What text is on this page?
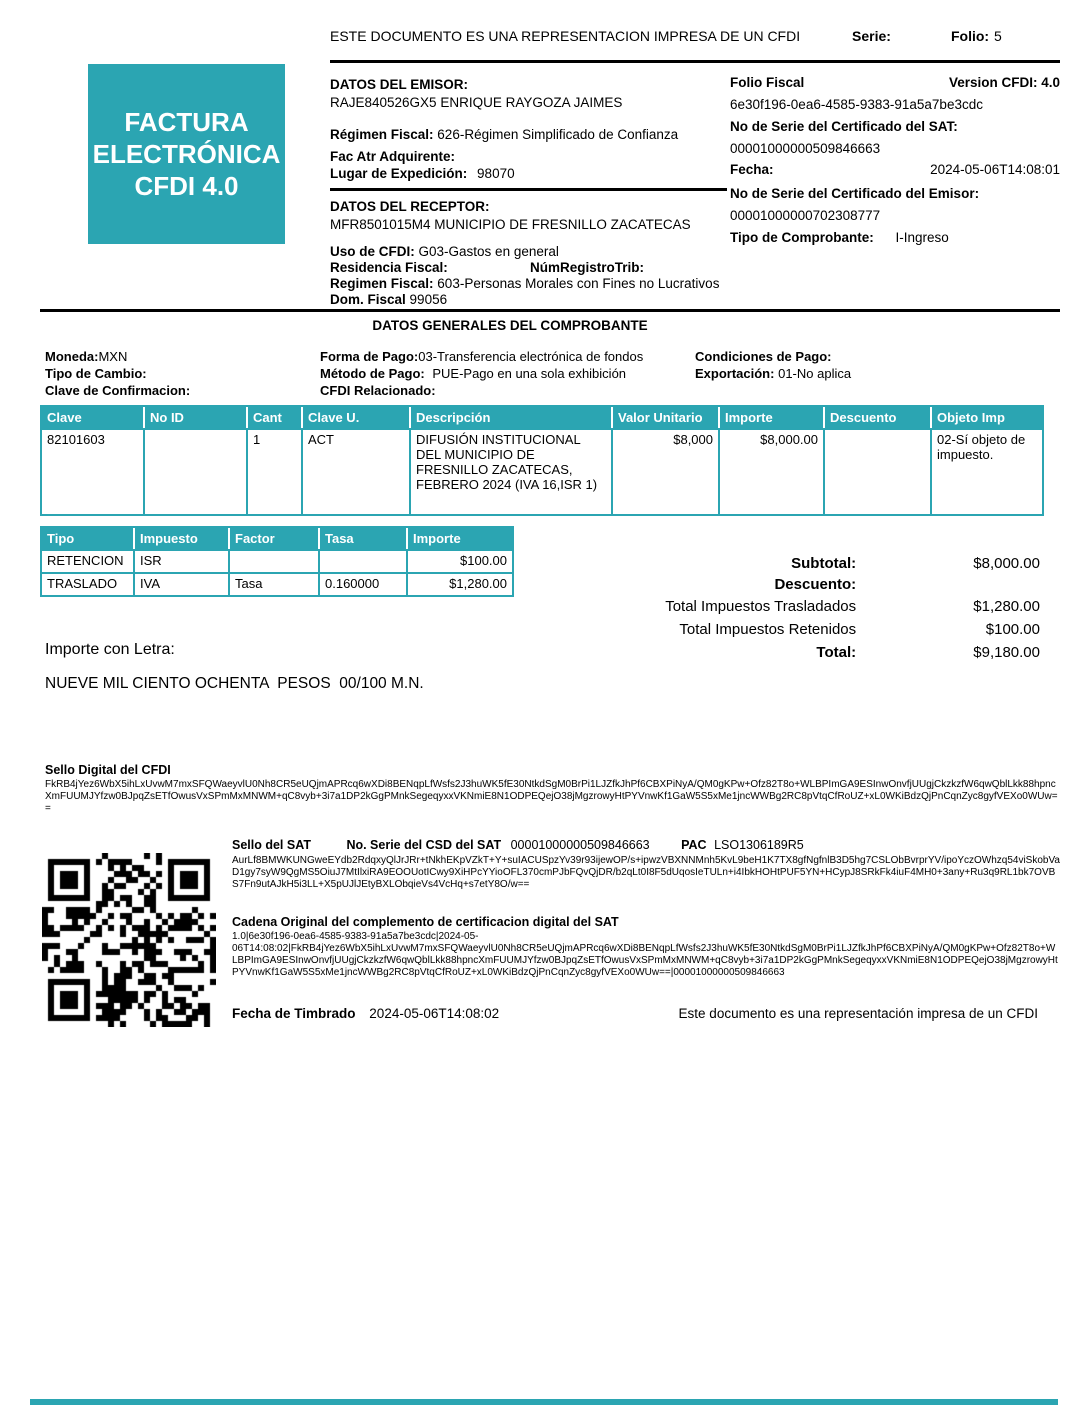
ESTE DOCUMENTO ES UNA REPRESENTACION IMPRESA DE UN CFDI	Serie:	Folio: 5
FACTURA
ELECTRÓNICA
CFDI 4.0
DATOS DEL EMISOR:
RAJE840526GX5 ENRIQUE RAYGOZA JAIMES
Régimen Fiscal: 626-Régimen Simplificado de Confianza
Fac Atr Adquirente:
Lugar de Expedición: 98070
DATOS DEL RECEPTOR:
MFR8501015M4 MUNICIPIO DE FRESNILLO ZACATECAS
Uso de CFDI: G03-Gastos en general
Residencia Fiscal:	NúmRegistroTrib:
Regimen Fiscal: 603-Personas Morales con Fines no Lucrativos
Dom. Fiscal 99056
Folio Fiscal	Version CFDI: 4.0
6e30f196-0ea6-4585-9383-91a5a7be3cdc
No de Serie del Certificado del SAT:
00001000000509846663
Fecha:	2024-05-06T14:08:01
No de Serie del Certificado del Emisor:
00001000000702308777
Tipo de Comprobante: I-Ingreso
DATOS GENERALES DEL COMPROBANTE
Moneda:MXN
Tipo de Cambio:
Clave de Confirmacion:
Forma de Pago:03-Transferencia electrónica de fondos
Método de Pago: PUE-Pago en una sola exhibición
CFDI Relacionado:
Condiciones de Pago:
Exportación: 01-No aplica
Clave	No ID	Cant	Clave U.	Descripción	Valor Unitario	Importe	Descuento	Objeto Imp
82101603		1	ACT	DIFUSIÓN INSTITUCIONAL DEL MUNICIPIO DE FRESNILLO ZACATECAS, FEBRERO 2024 (IVA 16,ISR 1)	$8,000	$8,000.00		02-Sí objeto de impuesto.
Tipo	Impuesto	Factor	Tasa	Importe
RETENCION	ISR			$100.00
TRASLADO	IVA	Tasa	0.160000	$1,280.00
Subtotal:	$8,000.00
Descuento:
Total Impuestos Trasladados	$1,280.00
Total Impuestos Retenidos	$100.00
Total:	$9,180.00
Importe con Letra:
NUEVE MIL CIENTO OCHENTA  PESOS  00/100 M.N.
Sello Digital del CFDI
FkRB4jYez6WbX5ihLxUvwM7mxSFQWaeyvlU0Nh8CR5eUQjmAPRcq6wXDi8BENqpLfWsfs2J3huWK5fE30NtkdSgM0BrPi1LJZfkJhPf6CBXPiNyA/QM0gKPw+Ofz82T8o+WLBPImGA9ESInwOnvfjUUgjCkzkzfW6qwQblLkk88hpncXmFUUMJYfzw0BJpqZsETfOwusVxSPmMxMNWM+qC8vyb+3i7a1DP2kGgPMnkSegeqyxxVKNmiE8N1ODPEQejO38jMgzrowyHtPYVnwKf1GaW5S5xMe1jncWWBg2RC8pVtqCfRoUZ+xL0WKiBdzQjPnCqnZyc8gyfVEXo0WUw==
Sello del SAT	No. Serie del CSD del SAT 00001000000509846663	PAC LSO1306189R5
AurLf8BMWKUNGweEYdb2RdqxyQlJrJRr+tNkhEKpVZkT+Y+suIACUSpzYv39r93ijewOP/s+ipwzVBXNNMnh5KvL9beH1K7TX8gfNgfnlB3D5hg7CSLObBvrprYV/ipoYczOWhzq54viSkobVaD1gy7syW9QgMS5OiuJ7MtIlxiRA9EOOUotICwy9XiHPcYYioOFL370cmPJbFQvQjDR/b2qLt0I8F5dUqosIeTULn+i4IbkHOHtPUF5YN+HCypJ8SRkFk4iuF4MH0+3any+Ru3q9RL1bk7OVBS7Fn9utAJkH5i3LL+X5pUJlJEtyBXLObqieVs4VcHq+s7etY8O/w==
Cadena Original del complemento de certificacion digital del SAT
1.0|6e30f196-0ea6-4585-9383-91a5a7be3cdc|2024-05-
06T14:08:02|FkRB4jYez6WbX5ihLxUvwM7mxSFQWaeyvlU0Nh8CR5eUQjmAPRcq6wXDi8BENqpLfWsfs2J3huWK5fE30NtkdSgM0BrPi1LJZfkJhPf6CBXPiNyA/QM0gKPw+Ofz82T8o+WLBPImGA9ESInwOnvfjUUgjCkzkzfW6qwQblLkk88hpncXmFUUMJYfzw0BJpqZsETfOwusVxSPmMxMNWM+qC8vyb+3i7a1DP2kGgPMnkSegeqyxxVKNmiE8N1ODPEQejO38jMgzrowyHtPYVnwKf1GaW5S5xMe1jncWWBg2RC8pVtqCfRoUZ+xL0WKiBdzQjPnCqnZyc8gyfVEXo0WUw==|00001000000509846663
Fecha de Timbrado 2024-05-06T14:08:02	Este documento es una representación impresa de un CFDI
